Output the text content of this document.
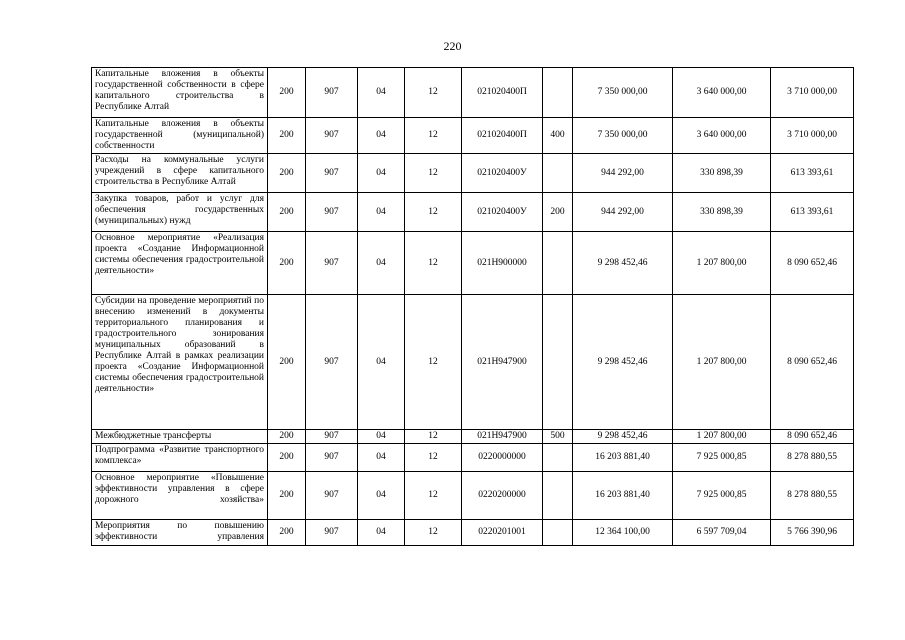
220
Капитальные вложения в объекты государственной собственности в сфере капитального строительства в Республике Алтай	200	907	04	12	021020400П		7 350 000,00	3 640 000,00	3 710 000,00
Капитальные вложения в объекты государственной (муниципальной) собственности	200	907	04	12	021020400П	400	7 350 000,00	3 640 000,00	3 710 000,00
Расходы на коммунальные услуги учреждений в сфере капитального строительства в Республике Алтай	200	907	04	12	021020400У		944 292,00	330 898,39	613 393,61
Закупка товаров, работ и услуг для обеспечения государственных (муниципальных) нужд	200	907	04	12	021020400У	200	944 292,00	330 898,39	613 393,61
Основное мероприятие «Реализация проекта «Создание Информационной системы обеспечения градостроительной деятельности»	200	907	04	12	021H900000		9 298 452,46	1 207 800,00	8 090 652,46
Субсидии на проведение мероприятий по внесению изменений в документы территориального планирования и градостроительного зонирования муниципальных образований в Республике Алтай в рамках реализации проекта «Создание Информационной системы обеспечения градостроительной деятельности»	200	907	04	12	021H947900		9 298 452,46	1 207 800,00	8 090 652,46
Межбюджетные трансферты	200	907	04	12	021H947900	500	9 298 452,46	1 207 800,00	8 090 652,46
Подпрограмма «Развитие транспортного комплекса»	200	907	04	12	0220000000		16 203 881,40	7 925 000,85	8 278 880,55
Основное мероприятие «Повышение эффективности управления в сфере дорожного хозяйства»	200	907	04	12	0220200000		16 203 881,40	7 925 000,85	8 278 880,55
Мероприятия по повышению эффективности управления	200	907	04	12	0220201001		12 364 100,00	6 597 709,04	5 766 390,96
